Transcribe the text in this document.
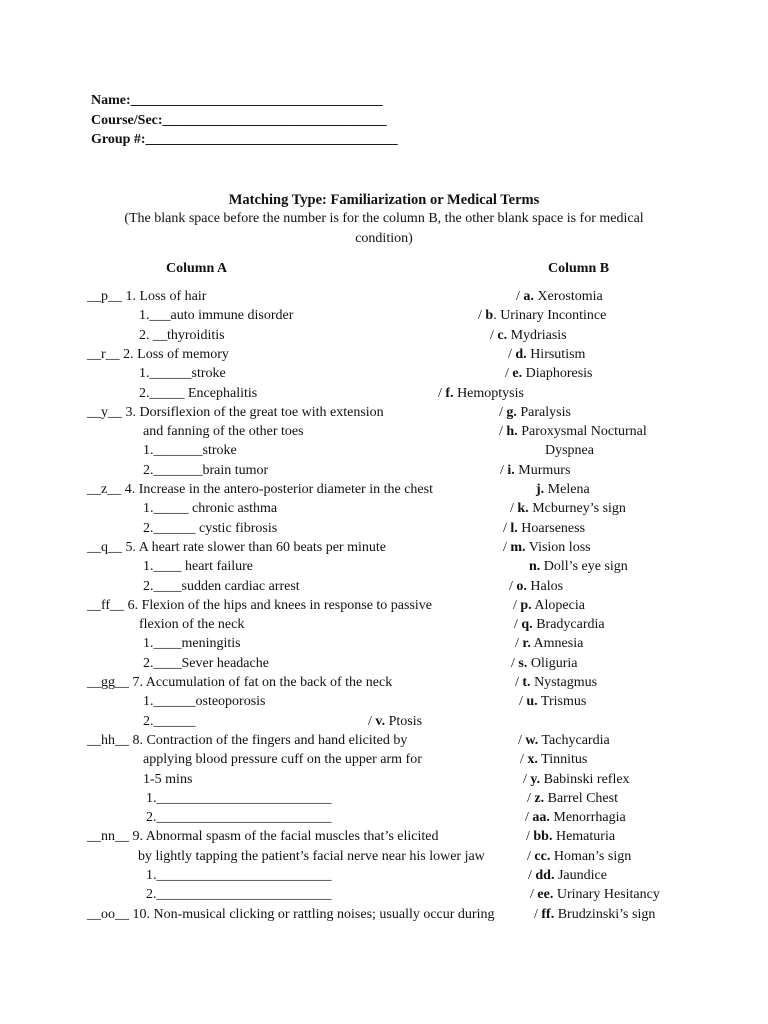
Name:____________________________________
Course/Sec:________________________________
Group #:____________________________________
Matching Type: Familiarization or Medical Terms
(The blank space before the number is for the column B, the other blank space is for medical
condition)
Column A	Column B
__p__ 1. Loss of hair
1.___auto immune disorder
2. __thyroiditis
__r__ 2. Loss of memory
1.______stroke
2._____ Encephalitis
__y__ 3. Dorsiflexion of the great toe with extension
and fanning of the other toes
1._______stroke
2._______brain tumor
__z__ 4. Increase in the antero-posterior diameter in the chest
1._____ chronic asthma
2.______ cystic fibrosis
__q__ 5. A heart rate slower than 60 beats per minute
1.____ heart failure
2.____sudden cardiac arrest
__ff__ 6. Flexion of the hips and knees in response to passive
flexion of the neck
1.____meningitis
2.____Sever headache
__gg__ 7. Accumulation of fat on the back of the neck
1.______osteoporosis
2.______
__hh__ 8. Contraction of the fingers and hand elicited by
applying blood pressure cuff on the upper arm for
1-5 mins
1._________________________
2._________________________
__nn__ 9. Abnormal spasm of the facial muscles that’s elicited
by lightly tapping the patient’s facial nerve near his lower jaw
1._________________________
2._________________________
__oo__ 10. Non-musical clicking or rattling noises; usually occur during
/ a. Xerostomia
/ b. Urinary Incontince
/ c. Mydriasis
/ d. Hirsutism
/ e. Diaphoresis
/ f. Hemoptysis
/ g. Paralysis
/ h. Paroxysmal Nocturnal
Dyspnea
/ i. Murmurs
j. Melena
/ k. Mcburney’s sign
/ l. Hoarseness
/ m. Vision loss
n. Doll’s eye sign
/ o. Halos
/ p. Alopecia
/ q. Bradycardia
/ r. Amnesia
/ s. Oliguria
/ t. Nystagmus
/ u. Trismus
/ v. Ptosis
/ w. Tachycardia
/ x. Tinnitus
/ y. Babinski reflex
/ z. Barrel Chest
/ aa. Menorrhagia
/ bb. Hematuria
/ cc. Homan’s sign
/ dd. Jaundice
/ ee. Urinary Hesitancy
/ ff. Brudzinski’s sign
